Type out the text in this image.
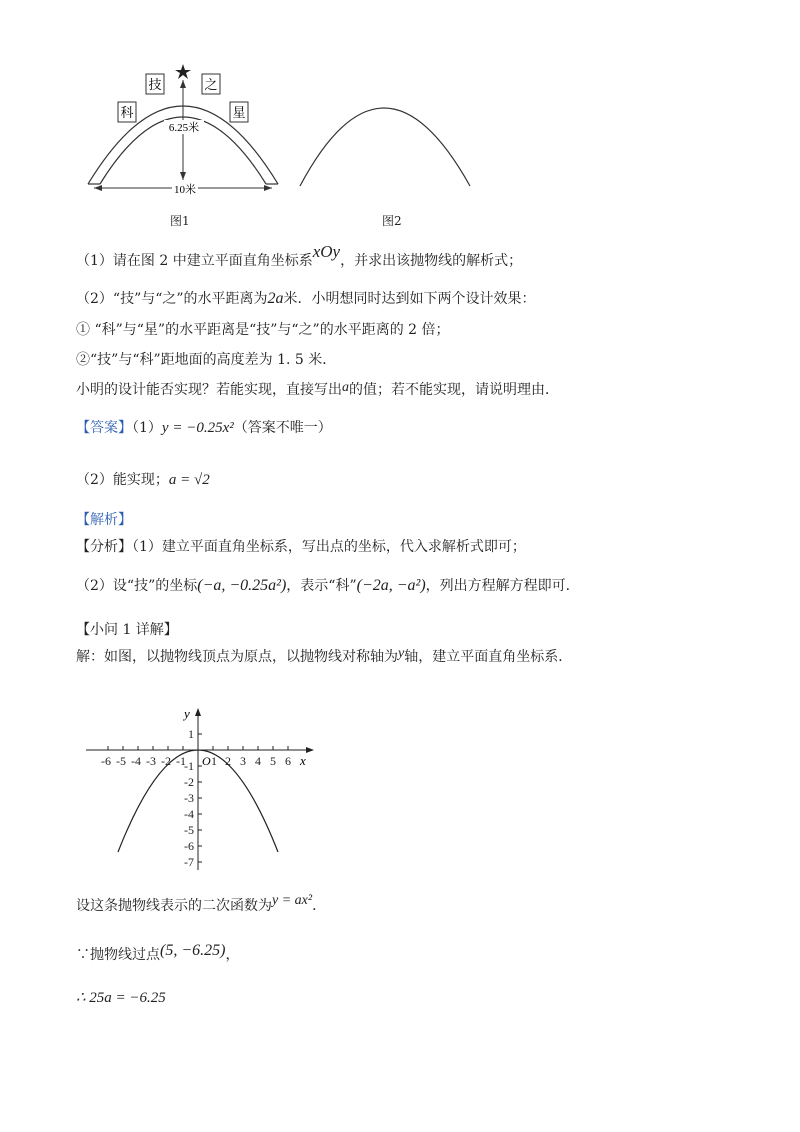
科
技	之
星
6.25米
10米
图1	图2
（1）请在图 2 中建立平面直角坐标系xOy，并求出该抛物线的解析式；
（2）“技”与“之”的水平距离为2a米．小明想同时达到如下两个设计效果：
① “科”与“星”的水平距离是“技”与“之”的水平距离的 2 倍；
②“技”与“科”距地面的高度差为 1. 5 米．
小明的设计能否实现？若能实现，直接写出a的值；若不能实现，请说明理由．
【答案】（1）y = −0.25x²（答案不唯一）
（2）能实现；a = √2
【解析】
【分析】（1）建立平面直角坐标系，写出点的坐标，代入求解析式即可；
（2）设“技”的坐标(−a, −0.25a²)，表示“科”(−2a, −a²)，列出方程解方程即可．
【小问 1 详解】
解：如图，以抛物线顶点为原点，以抛物线对称轴为y轴，建立平面直角坐标系．
-6 -5 -4 -3 -2 -1 1 2 3 4 5 6
O	x
y
1
-1
-2
-3
-4
-5
-6
-7
设这条抛物线表示的二次函数为y = ax²．
∵抛物线过点(5, −6.25)，
∴ 25a = −6.25
